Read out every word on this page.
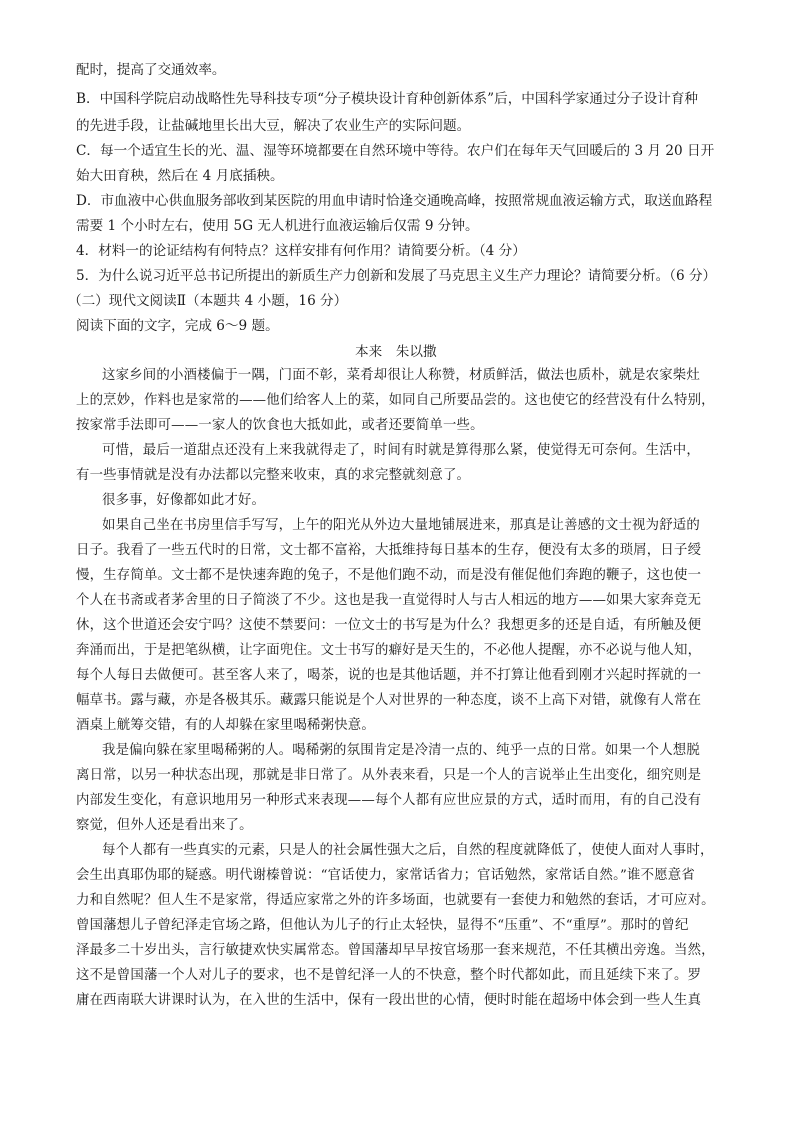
配时，提高了交通效率。
B．中国科学院启动战略性先导科技专项“分子模块设计育种创新体系”后，中国科学家通过分子设计育种
的先进手段，让盐碱地里长出大豆，解决了农业生产的实际问题。
C．每一个适宜生长的光、温、湿等环境都要在自然环境中等待。农户们在每年天气回暖后的 3 月 20 日开
始大田育秧，然后在 4 月底插秧。
D．市血液中心供血服务部收到某医院的用血申请时恰逢交通晚高峰，按照常规血液运输方式，取送血路程
需要 1 个小时左右，使用 5G 无人机进行血液运输后仅需 9 分钟。
4．材料一的论证结构有何特点？这样安排有何作用？请简要分析。（4 分）
5．为什么说习近平总书记所提出的新质生产力创新和发展了马克思主义生产力理论？请简要分析。（6 分）
（二）现代文阅读Ⅱ（本题共 4 小题，16 分）
阅读下面的文字，完成 6～9 题。
本来　朱以撒
这家乡间的小酒楼偏于一隅，门面不彰，菜肴却很让人称赞，材质鲜活，做法也质朴，就是农家柴灶
上的烹妙，作料也是家常的——他们给客人上的菜，如同自己所要品尝的。这也使它的经营没有什么特别，
按家常手法即可——一家人的饮食也大抵如此，或者还要简单一些。
可惜，最后一道甜点还没有上来我就得走了，时间有时就是算得那么紧，使觉得无可奈何。生活中，
有一些事情就是没有办法都以完整来收束，真的求完整就刻意了。
很多事，好像都如此才好。
如果自己坐在书房里信手写写，上午的阳光从外边大量地铺展进来，那真是让善感的文士视为舒适的
日子。我看了一些五代时的日常，文士都不富裕，大抵维持每日基本的生存，便没有太多的琐屑，日子绶
慢，生存简单。文士都不是快速奔跑的兔子，不是他们跑不动，而是没有催促他们奔跑的鞭子，这也使一
个人在书斋或者茅舍里的日子简淡了不少。这也是我一直觉得时人与古人相远的地方——如果大家奔竞无
休，这个世道还会安宁吗？这使不禁要问：一位文士的书写是为什么？我想更多的还是自适，有所触及便
奔涌而出，于是把笔纵横，让字面兜住。文士书写的癖好是天生的，不必他人提醒，亦不必说与他人知，
每个人每日去做便可。甚至客人来了，喝茶，说的也是其他话题，并不打算让他看到刚才兴起时挥就的一
幅草书。露与藏，亦是各极其乐。藏露只能说是个人对世界的一种态度，谈不上高下对错，就像有人常在
酒桌上觥筹交错，有的人却躲在家里喝稀粥快意。
我是偏向躲在家里喝稀粥的人。喝稀粥的氛围肯定是冷清一点的、纯乎一点的日常。如果一个人想脱
离日常，以另一种状态出现，那就是非日常了。从外表来看，只是一个人的言说举止生出变化，细究则是
内部发生变化，有意识地用另一种形式来表现——每个人都有应世应景的方式，适时而用，有的自己没有
察觉，但外人还是看出来了。
每个人都有一些真实的元素，只是人的社会属性强大之后，自然的程度就降低了，使使人面对人事时，
会生出真耶伪耶的疑惑。明代谢榛曾说：“官话使力，家常话省力；官话勉然，家常话自然。”谁不愿意省
力和自然呢？但人生不是家常，得适应家常之外的许多场面，也就要有一套使力和勉然的套话，才可应对。
曾国藩想儿子曾纪泽走官场之路，但他认为儿子的行止太轻快，显得不“压重”、不“重厚”。那时的曾纪
泽最多二十岁出头，言行敏捷欢快实属常态。曾国藩却早早按官场那一套来规范，不任其横出旁逸。当然，
这不是曾国藩一个人对儿子的要求，也不是曾纪泽一人的不快意，整个时代都如此，而且延续下来了。罗
庸在西南联大讲课时认为，在入世的生活中，保有一段出世的心情，便时时能在超场中体会到一些人生真
